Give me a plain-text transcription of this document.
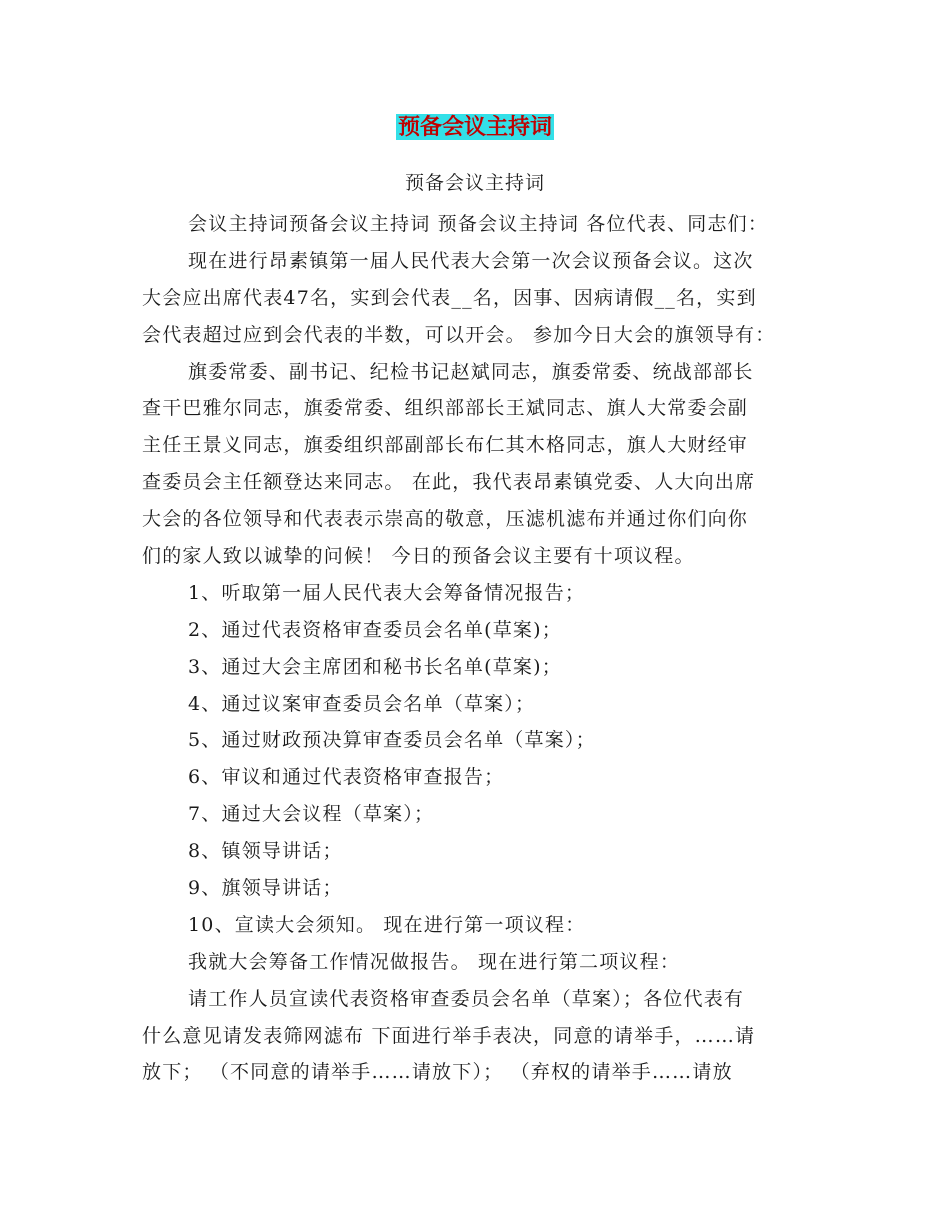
预备会议主持词
预备会议主持词
会议主持词预备会议主持词 预备会议主持词 各位代表、同志们：
现在进行昂素镇第一届人民代表大会第一次会议预备会议。这次
大会应出席代表47名，实到会代表__名，因事、因病请假__名，实到
会代表超过应到会代表的半数，可以开会。 参加今日大会的旗领导有：
旗委常委、副书记、纪检书记赵斌同志，旗委常委、统战部部长
查干巴雅尔同志，旗委常委、组织部部长王斌同志、旗人大常委会副
主任王景义同志，旗委组织部副部长布仁其木格同志，旗人大财经审
查委员会主任额登达来同志。 在此，我代表昂素镇党委、人大向出席
大会的各位领导和代表表示崇高的敬意，压滤机滤布并通过你们向你
们的家人致以诚挚的问候！ 今日的预备会议主要有十项议程。
1、听取第一届人民代表大会筹备情况报告；
2、通过代表资格审查委员会名单(草案)；
3、通过大会主席团和秘书长名单(草案)；
4、通过议案审查委员会名单（草案）；
5、通过财政预决算审查委员会名单（草案）；
6、审议和通过代表资格审查报告；
7、通过大会议程（草案）；
8、镇领导讲话；
9、旗领导讲话；
10、宣读大会须知。 现在进行第一项议程：
我就大会筹备工作情况做报告。 现在进行第二项议程：
请工作人员宣读代表资格审查委员会名单（草案）；各位代表有
什么意见请发表筛网滤布 下面进行举手表决，同意的请举手，……请
放下； （不同意的请举手……请放下）； （弃权的请举手……请放
